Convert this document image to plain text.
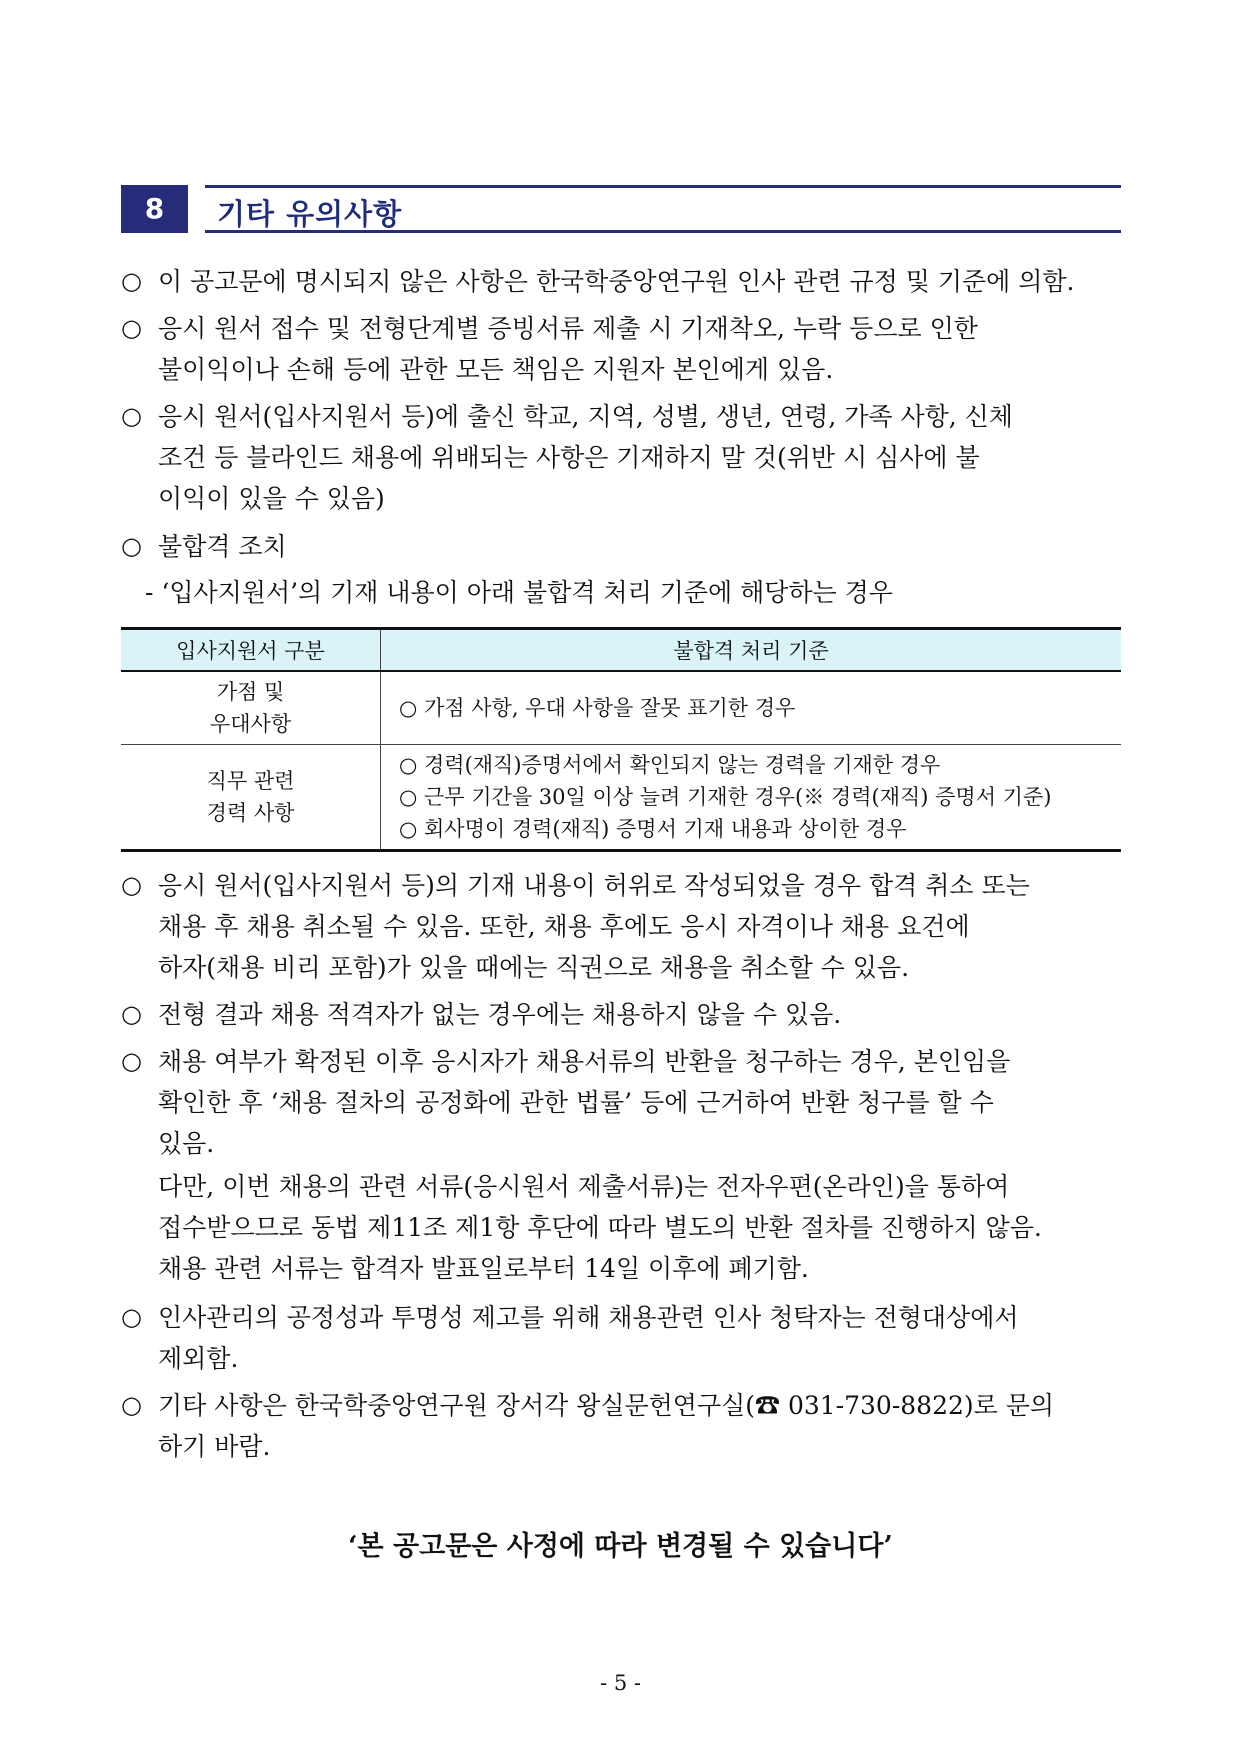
8	기타 유의사항
○ 이 공고문에 명시되지 않은 사항은 한국학중앙연구원 인사 관련 규정 및 기준에 의함.
○ 응시 원서 접수 및 전형단계별 증빙서류 제출 시 기재착오, 누락 등으로 인한
불이익이나 손해 등에 관한 모든 책임은 지원자 본인에게 있음.
○ 응시 원서(입사지원서 등)에 출신 학교, 지역, 성별, 생년, 연령, 가족 사항, 신체
조건 등 블라인드 채용에 위배되는 사항은 기재하지 말 것(위반 시 심사에 불
이익이 있을 수 있음)
○ 불합격 조치
- ‘입사지원서’의 기재 내용이 아래 불합격 처리 기준에 해당하는 경우
입사지원서 구분	불합격 처리 기준

가점 및
우대사항	○ 가점 사항, 우대 사항을 잘못 표기한 경우

직무 관련
경력 사항	○ 경력(재직)증명서에서 확인되지 않는 경력을 기재한 경우
○ 근무 기간을 30일 이상 늘려 기재한 경우(※ 경력(재직) 증명서 기준)
○ 회사명이 경력(재직) 증명서 기재 내용과 상이한 경우
○ 응시 원서(입사지원서 등)의 기재 내용이 허위로 작성되었을 경우 합격 취소 또는
채용 후 채용 취소될 수 있음. 또한, 채용 후에도 응시 자격이나 채용 요건에
하자(채용 비리 포함)가 있을 때에는 직권으로 채용을 취소할 수 있음.
○ 전형 결과 채용 적격자가 없는 경우에는 채용하지 않을 수 있음.
○ 채용 여부가 확정된 이후 응시자가 채용서류의 반환을 청구하는 경우, 본인임을
확인한 후 ‘채용 절차의 공정화에 관한 법률’ 등에 근거하여 반환 청구를 할 수
있음.
다만, 이번 채용의 관련 서류(응시원서 제출서류)는 전자우편(온라인)을 통하여
접수받으므로 동법 제11조 제1항 후단에 따라 별도의 반환 절차를 진행하지 않음.
채용 관련 서류는 합격자 발표일로부터 14일 이후에 폐기함.
○ 인사관리의 공정성과 투명성 제고를 위해 채용관련 인사 청탁자는 전형대상에서
제외함.
○ 기타 사항은 한국학중앙연구원 장서각 왕실문헌연구실(☎ 031-730-8822)로 문의
하기 바람.
‘본 공고문은 사정에 따라 변경될 수 있습니다’
- 5 -
